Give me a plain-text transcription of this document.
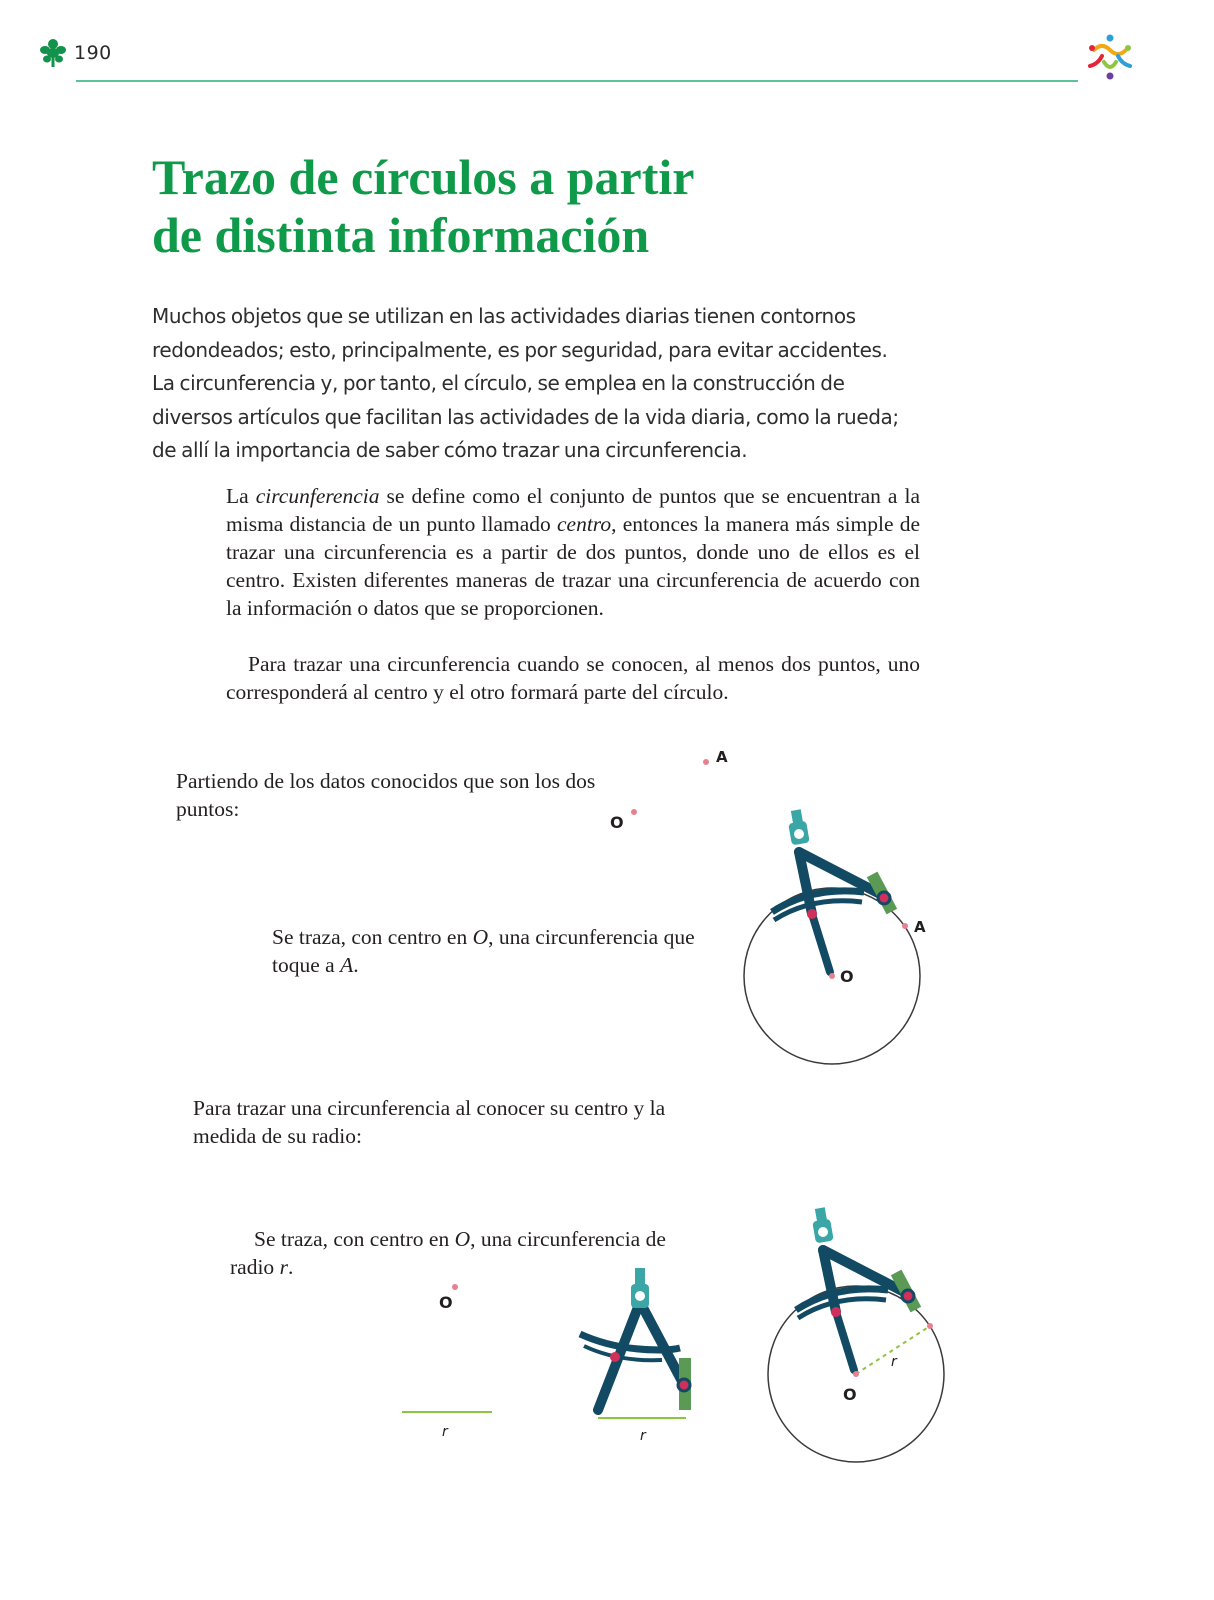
190
Trazo de círculos a partir
de distinta información

Muchos objetos que se utilizan en las actividades diarias tienen contornos redondeados; esto, principalmente, es por seguridad, para evitar accidentes. La circunferencia y, por tanto, el círculo, se emplea en la construcción de diversos artículos que facilitan las actividades de la vida diaria, como la rueda; de allí la importancia de saber cómo trazar una circunferencia.

La circunferencia se define como el conjunto de puntos que se encuentran a la misma distancia de un punto llamado centro, entonces la manera más simple de trazar una circunferencia es a partir de dos puntos, donde uno de ellos es el centro. Existen diferentes maneras de trazar una circunferencia de acuerdo con la información o datos que se proporcionen.

Para trazar una circunferencia cuando se conocen, al menos dos puntos, uno corresponderá al centro y el otro formará parte del círculo.

Partiendo de los datos conocidos que son los dos puntos:

Se traza, con centro en O, una circunferencia que toque a A.

Para trazar una circunferencia al conocer su centro y la medida de su radio:

Se traza, con centro en O, una circunferencia de radio r.

A
O
O
A
O
r	r
O
r
